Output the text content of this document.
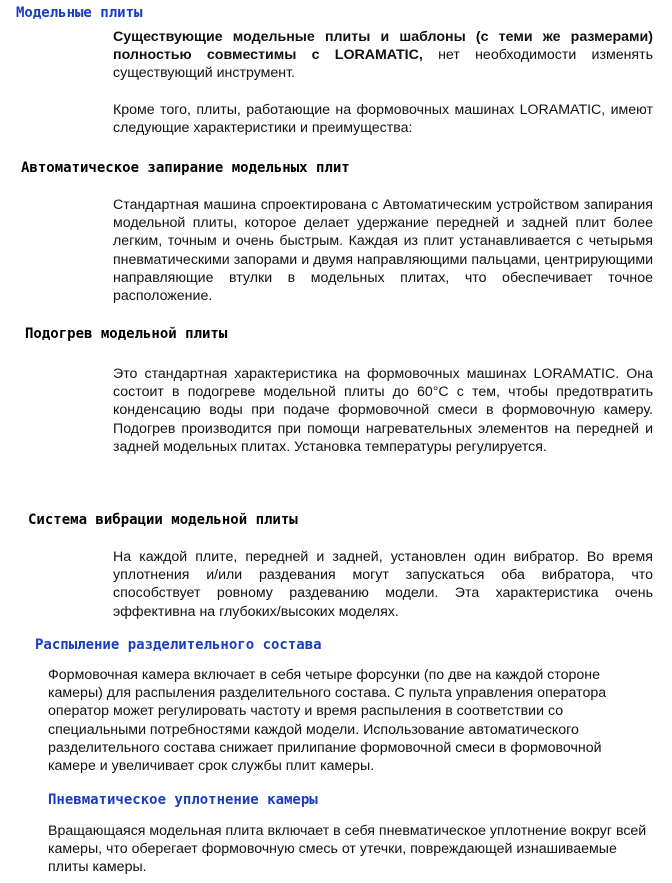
Модельные плиты

Существующие модельные плиты и шаблоны (с теми же размерами) полностью совместимы с LORAMATIC, нет необходимости изменять существующий инструмент.

Кроме того, плиты, работающие на формовочных машинах LORAMATIC, имеют следующие характеристики и преимущества:

Автоматическое запирание модельных плит

Стандартная машина спроектирована с Автоматическим устройством запирания модельной плиты, которое делает удержание передней и задней плит более легким, точным и очень быстрым. Каждая из плит устанавливается с четырьмя пневматическими запорами и двумя направляющими пальцами, центрирующими направляющие втулки в модельных плитах, что обеспечивает точное расположение.

Подогрев модельной плиты

Это стандартная характеристика на формовочных машинах LORAMATIC. Она состоит в подогреве модельной плиты до 60°C с тем, чтобы предотвратить конденсацию воды при подаче формовочной смеси в формовочную камеру. Подогрев производится при помощи нагревательных элементов на передней и задней модельных плитах. Установка температуры регулируется.

Система вибрации модельной плиты

На каждой плите, передней и задней, установлен один вибратор. Во время уплотнения и/или раздевания могут запускаться оба вибратора, что способствует ровному раздеванию модели. Эта характеристика очень эффективна на глубоких/высоких моделях.

Распыление разделительного состава

Формовочная камера включает в себя четыре форсунки (по две на каждой стороне камеры) для распыления разделительного состава. С пульта управления оператора оператор может регулировать частоту и время распыления в соответствии со специальными потребностями каждой модели. Использование автоматического разделительного состава снижает прилипание формовочной смеси в формовочной камере и увеличивает срок службы плит камеры.

Пневматическое уплотнение камеры

Вращающаяся модельная плита включает в себя пневматическое уплотнение вокруг всей камеры, что оберегает формовочную смесь от утечки, повреждающей изнашиваемые плиты камеры.
